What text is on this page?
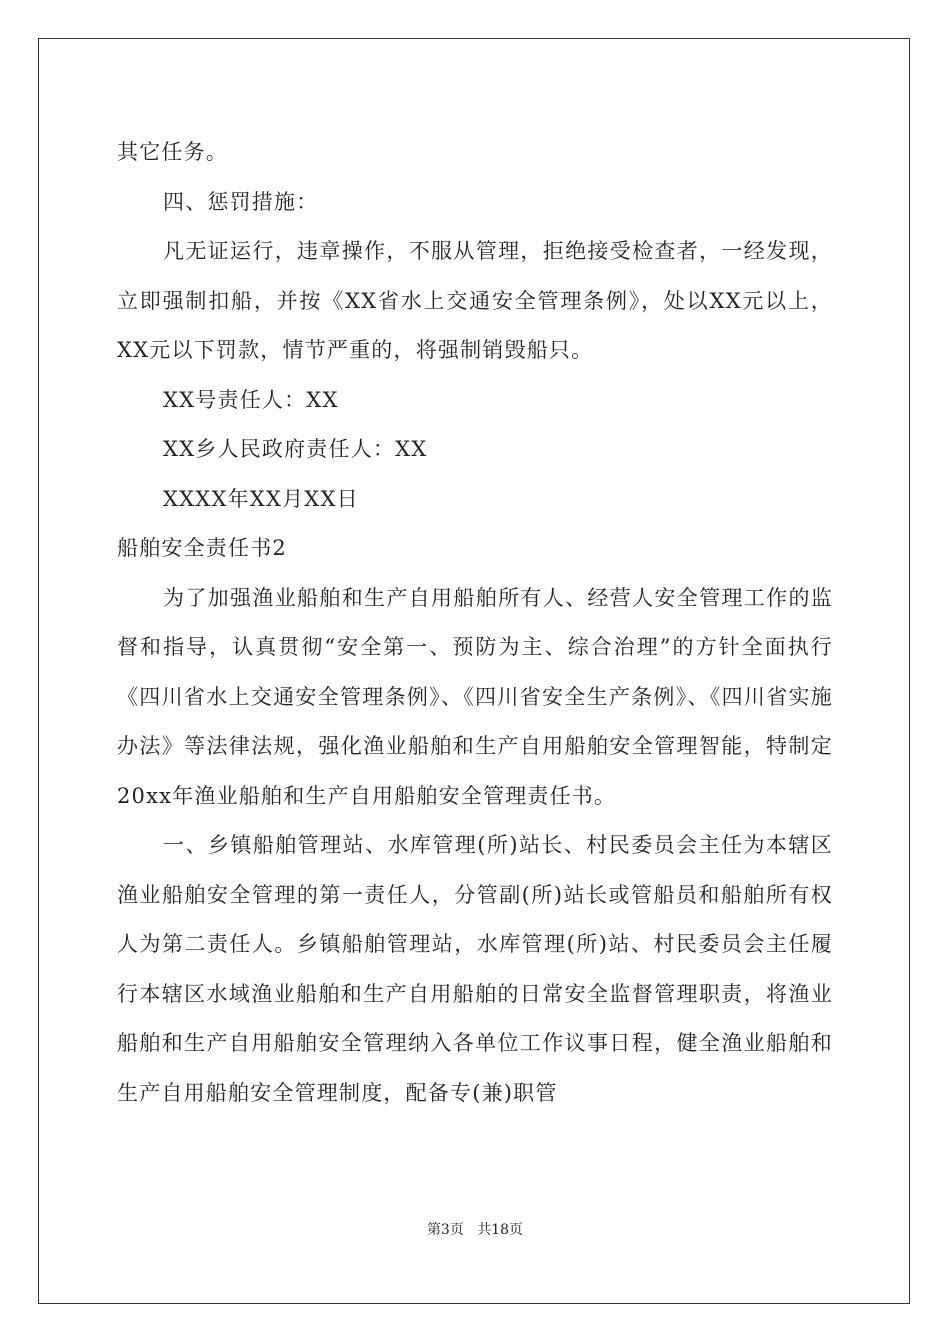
其它任务。

四、惩罚措施：

凡无证运行，违章操作，不服从管理，拒绝接受检查者，一经发现，立即强制扣船，并按《XX省水上交通安全管理条例》，处以XX元以上，XX元以下罚款，情节严重的，将强制销毁船只。

XX号责任人：XX

XX乡人民政府责任人：XX

XXXX年XX月XX日

船舶安全责任书2

为了加强渔业船舶和生产自用船舶所有人、经营人安全管理工作的监督和指导，认真贯彻“安全第一、预防为主、综合治理”的方针全面执行《四川省水上交通安全管理条例》、《四川省安全生产条例》、《四川省实施办法》等法律法规，强化渔业船舶和生产自用船舶安全管理智能，特制定20xx年渔业船舶和生产自用船舶安全管理责任书。

一、乡镇船舶管理站、水库管理(所)站长、村民委员会主任为本辖区渔业船舶安全管理的第一责任人，分管副(所)站长或管船员和船舶所有权人为第二责任人。乡镇船舶管理站，水库管理(所)站、村民委员会主任履行本辖区水域渔业船舶和生产自用船舶的日常安全监督管理职责，将渔业船舶和生产自用船舶安全管理纳入各单位工作议事日程，健全渔业船舶和生产自用船舶安全管理制度，配备专(兼)职管

第3页 共18页
